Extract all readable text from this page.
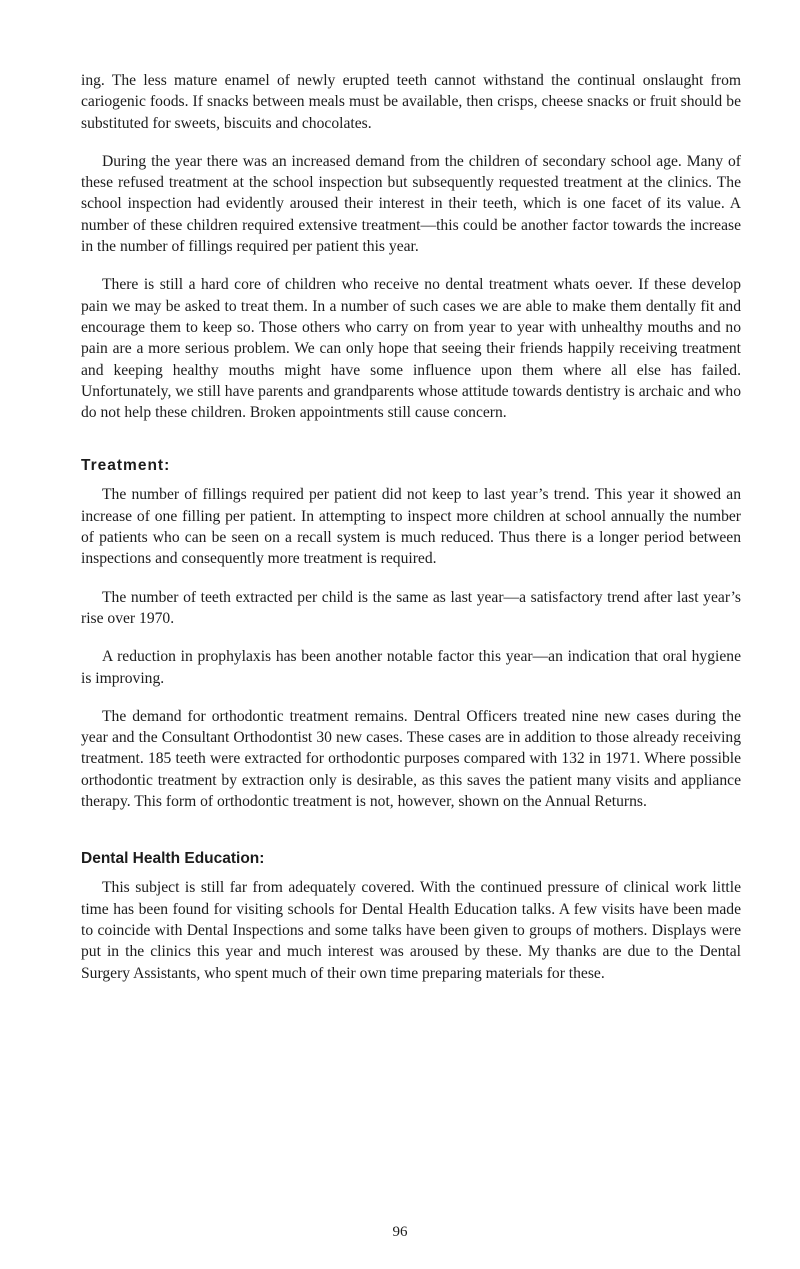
ing. The less mature enamel of newly erupted teeth cannot withstand the continual onslaught from cariogenic foods. If snacks between meals must be available, then crisps, cheese snacks or fruit should be substituted for sweets, biscuits and chocolates.

During the year there was an increased demand from the children of secondary school age. Many of these refused treatment at the school inspection but subsequently requested treatment at the clinics. The school inspection had evidently aroused their interest in their teeth, which is one facet of its value. A number of these children required extensive treatment—this could be another factor towards the increase in the number of fillings required per patient this year.

There is still a hard core of children who receive no dental treatment whats oever. If these develop pain we may be asked to treat them. In a number of such cases we are able to make them dentally fit and encourage them to keep so. Those others who carry on from year to year with unhealthy mouths and no pain are a more serious problem. We can only hope that seeing their friends happily receiving treatment and keeping healthy mouths might have some influence upon them where all else has failed. Unfortunately, we still have parents and grandparents whose attitude towards dentistry is archaic and who do not help these children. Broken appointments still cause concern.

Treatment:

The number of fillings required per patient did not keep to last year’s trend. This year it showed an increase of one filling per patient. In attempting to inspect more children at school annually the number of patients who can be seen on a recall system is much reduced. Thus there is a longer period between inspections and consequently more treatment is required.

The number of teeth extracted per child is the same as last year—a satisfactory trend after last year’s rise over 1970.

A reduction in prophylaxis has been another notable factor this year—an indication that oral hygiene is improving.

The demand for orthodontic treatment remains. Dentral Officers treated nine new cases during the year and the Consultant Orthodontist 30 new cases. These cases are in addition to those already receiving treatment. 185 teeth were extracted for orthodontic purposes compared with 132 in 1971. Where possible orthodontic treatment by extraction only is desirable, as this saves the patient many visits and appliance therapy. This form of orthodontic treatment is not, however, shown on the Annual Returns.

Dental Health Education:

This subject is still far from adequately covered. With the continued pressure of clinical work little time has been found for visiting schools for Dental Health Education talks. A few visits have been made to coincide with Dental Inspections and some talks have been given to groups of mothers. Displays were put in the clinics this year and much interest was aroused by these. My thanks are due to the Dental Surgery Assistants, who spent much of their own time preparing materials for these.

96
